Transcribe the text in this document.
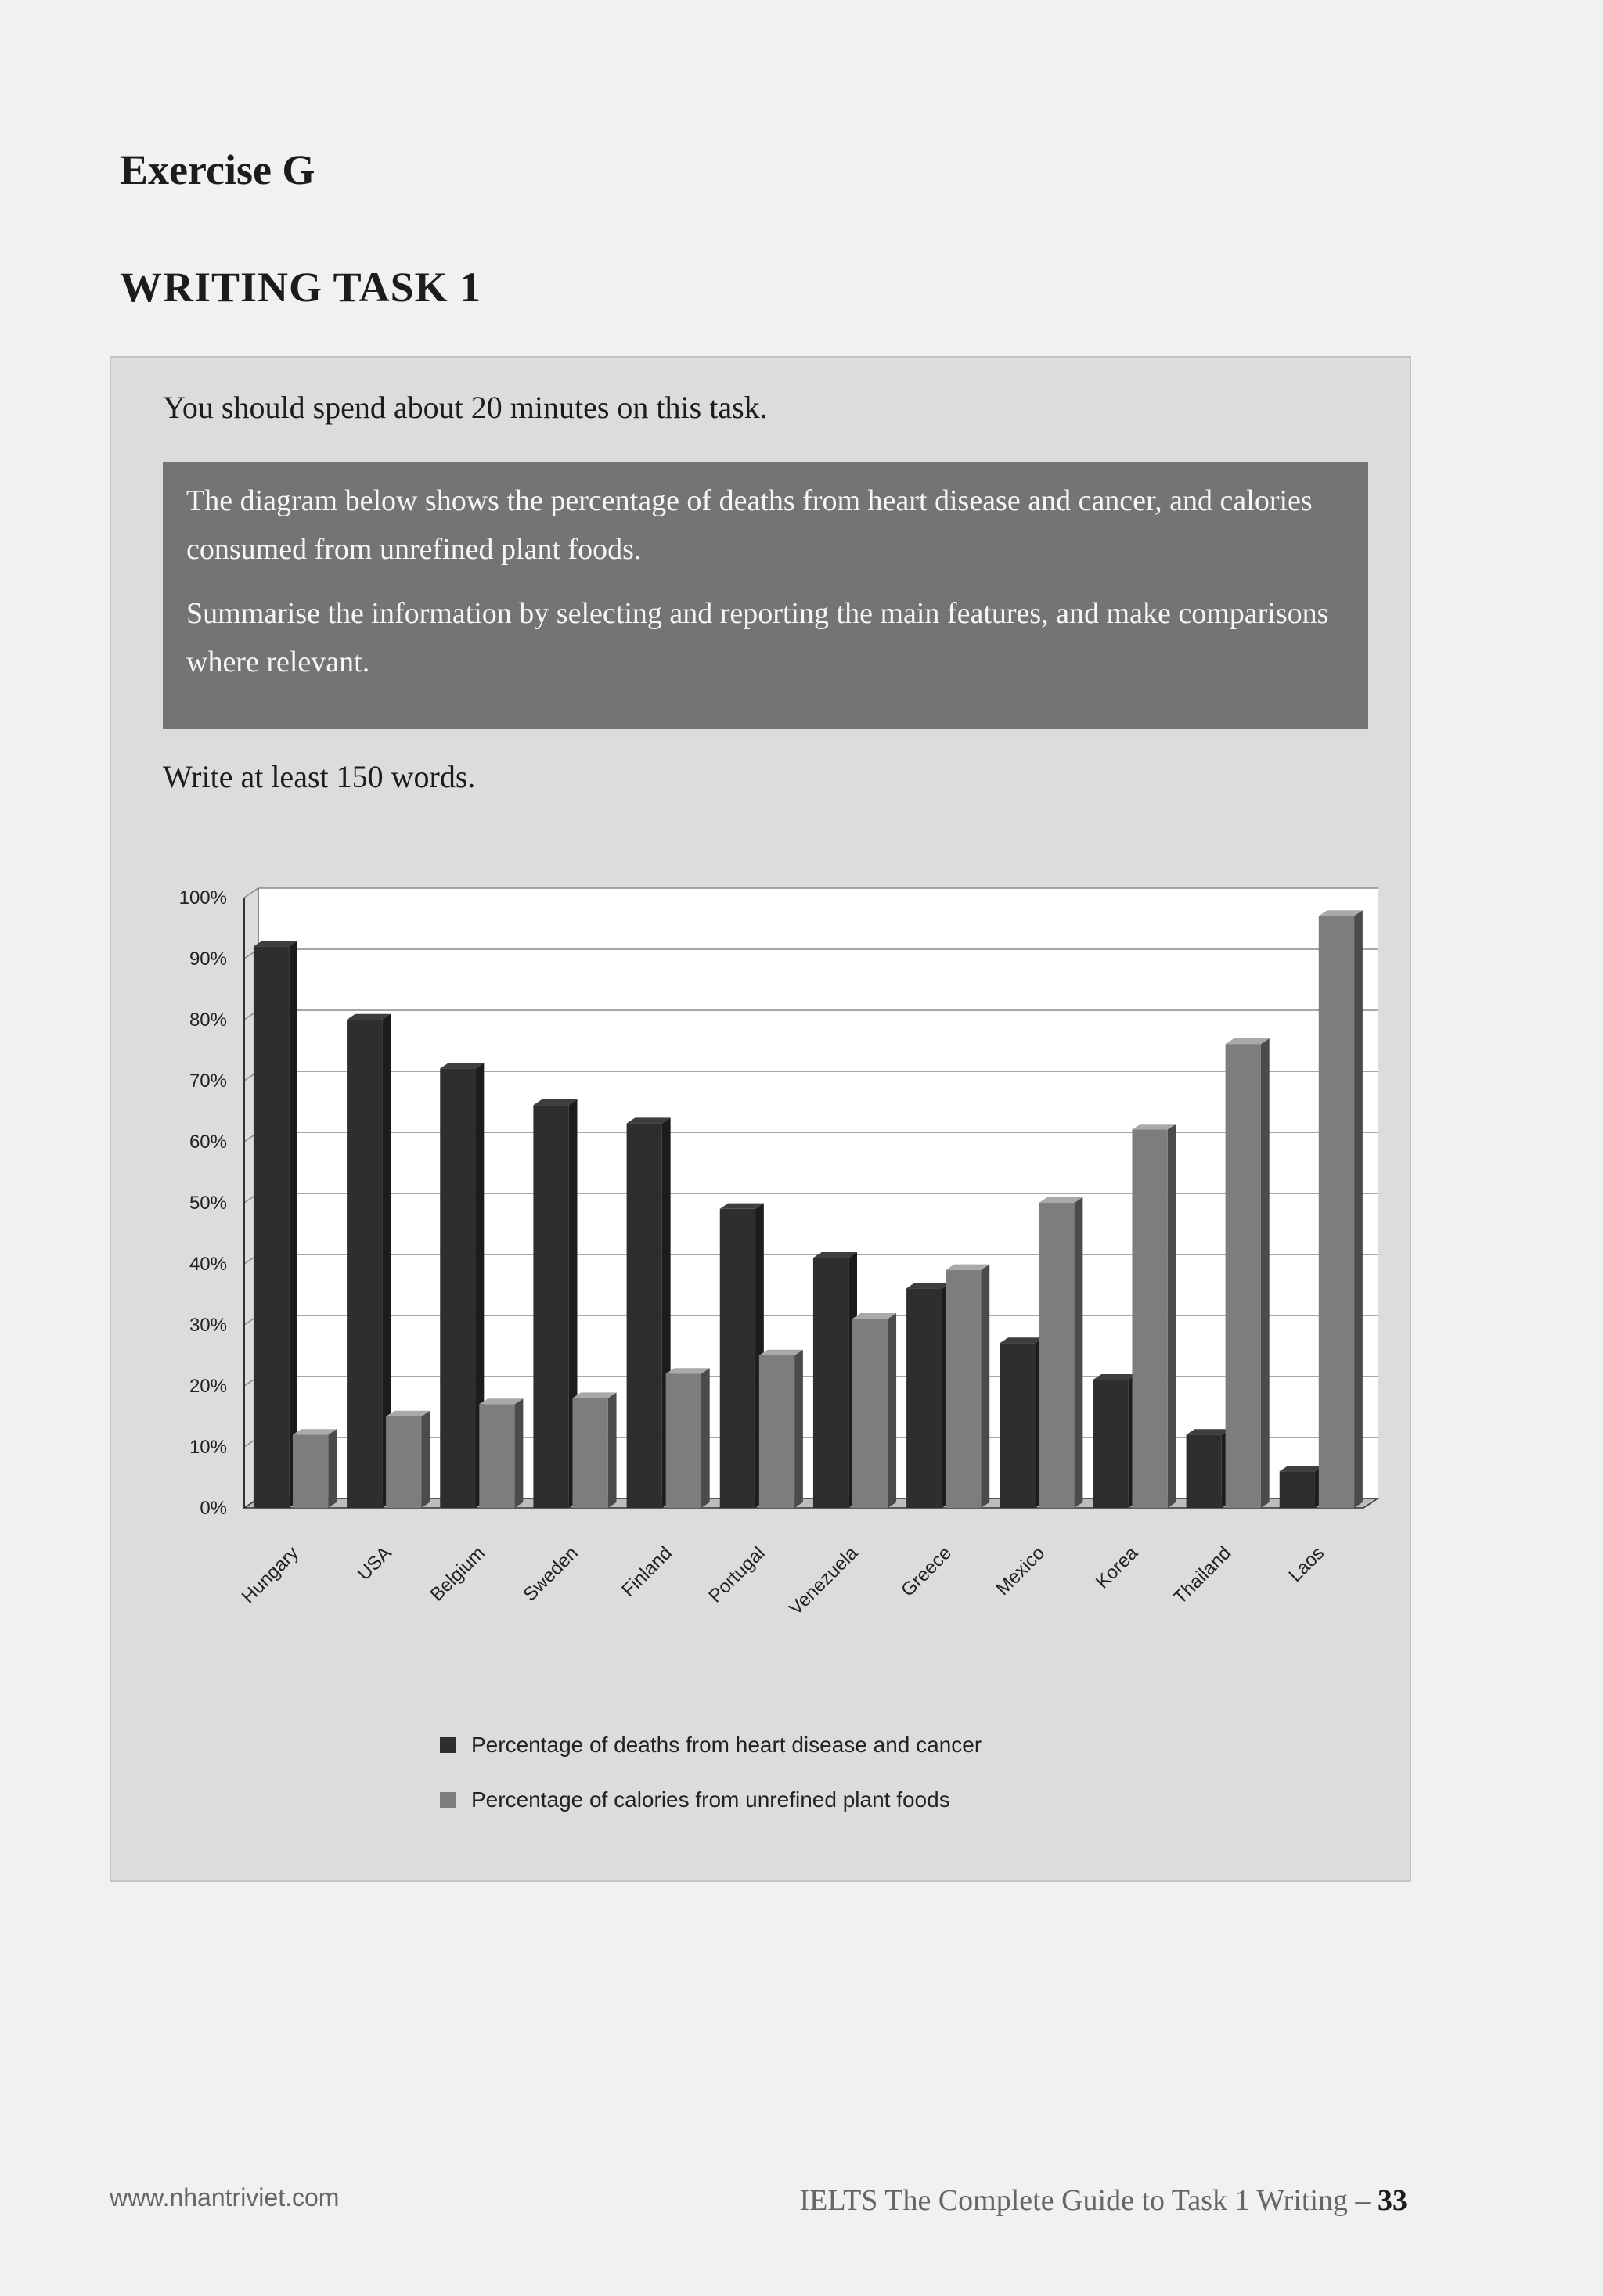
Exercise G
WRITING TASK 1
You should spend about 20 minutes on this task.

The diagram below shows the percentage of deaths from heart disease and cancer, and calories consumed from unrefined plant foods.

Summarise the information by selecting and reporting the main features, and make comparisons where relevant.

Write at least 150 words.
0%
10%
20%
30%
40%
50%
60%
70%
80%
90%
100%
Hungary	USA Belgium Sweden Finland Portugal Venezuela Greece Mexico Korea Thailand	Laos
Percentage of deaths from heart disease and cancer
Percentage of calories from unrefined plant foods
www.nhantriviet.com	IELTS The Complete Guide to Task 1 Writing – 33
